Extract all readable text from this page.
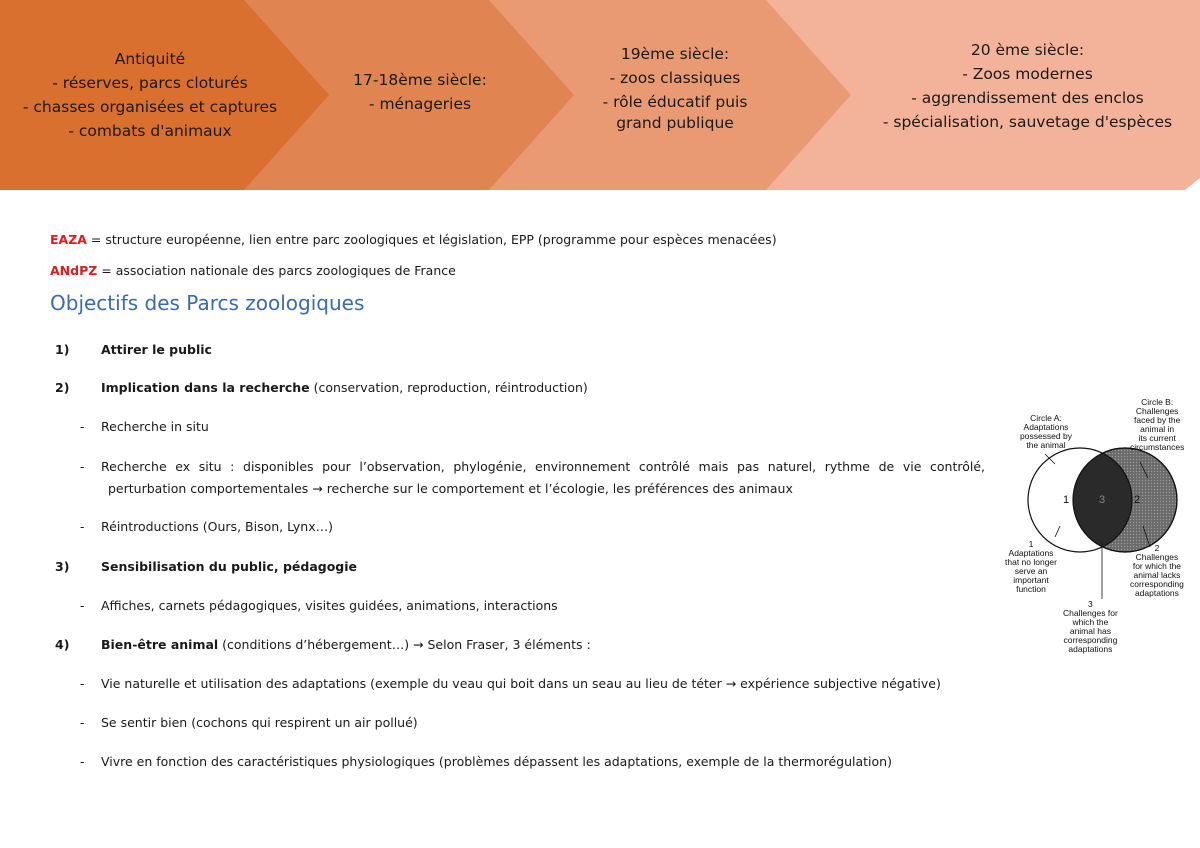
Antiquité
- réserves, parcs cloturés
- chasses organisées et captures
- combats d'animaux
17-18ème siècle:
- ménageries
19ème siècle:
- zoos classiques
- rôle éducatif puis
grand publique
20 ème siècle:
- Zoos modernes
- aggrendissement des enclos
- spécialisation, sauvetage d'espèces
EAZA = structure européenne, lien entre parc zoologiques et législation, EPP (programme pour espèces menacées)
ANdPZ = association nationale des parcs zoologiques de France
Objectifs des Parcs zoologiques
1)	Attirer le public
2)	Implication dans la recherche (conservation, reproduction, réintroduction)
- Recherche in situ
- Recherche ex situ : disponibles pour l’observation, phylogénie, environnement contrôlé mais pas naturel, rythme de vie contrôlé,
perturbation comportementales → recherche sur le comportement et l’écologie, les préférences des animaux
- Réintroductions (Ours, Bison, Lynx…)
3)	Sensibilisation du public, pédagogie
- Affiches, carnets pédagogiques, visites guidées, animations, interactions
4)	Bien-être animal (conditions d’hébergement…) → Selon Fraser, 3 éléments :
- Vie naturelle et utilisation des adaptations (exemple du veau qui boit dans un seau au lieu de téter → expérience subjective négative)
- Se sentir bien (cochons qui respirent un air pollué)
- Vivre en fonction des caractéristiques physiologiques (problèmes dépassent les adaptations, exemple de la thermorégulation)
1	3	2
Circle A:
Adaptations
possessed by
the animal
Circle B:
Challenges
faced by the
animal in
its current
circumstances
1
Adaptations
that no longer
serve an
important
function
2
Challenges
for which the
animal lacks
corresponding
adaptations
3
Challenges for
which the
animal has
corresponding
adaptations
